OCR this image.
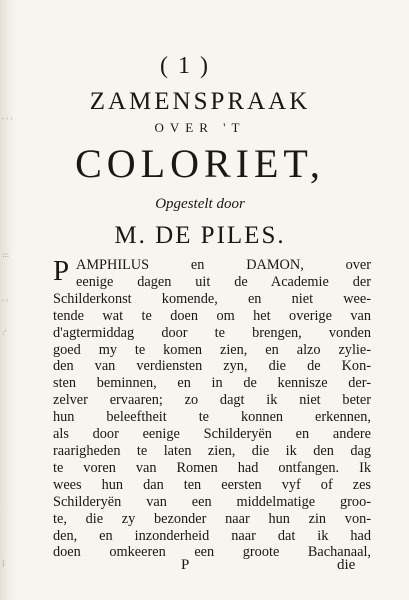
' ' '
:::
' '
:'
|
( 1 )
ZAMENSPRAAK
OVER 'T
COLORIET,
Opgestelt door
M. DE PILES.
P AMPHILUS en DAMON, over
eenige dagen uit de Academie der
Schilderkonst komende, en niet wee-
tende wat te doen om het overige van
d'agtermiddag door te brengen, vonden
goed my te komen zien, en alzo zylie-
den van verdiensten zyn, die de Kon-
sten beminnen, en in de kennisze der-
zelver ervaaren; zo dagt ik niet beter
hun beleeftheit te konnen erkennen,
als door eenige Schilderyën en andere
raarigheden te laten zien, die ik den dag
te voren van Romen had ontfangen. Ik
wees hun dan ten eersten vyf of zes
Schilderyën van een middelmatige groo-
te, die zy bezonder naar hun zin von-
den, en inzonderheid naar dat ik had
doen omkeeren een groote Bachanaal,
P	die
